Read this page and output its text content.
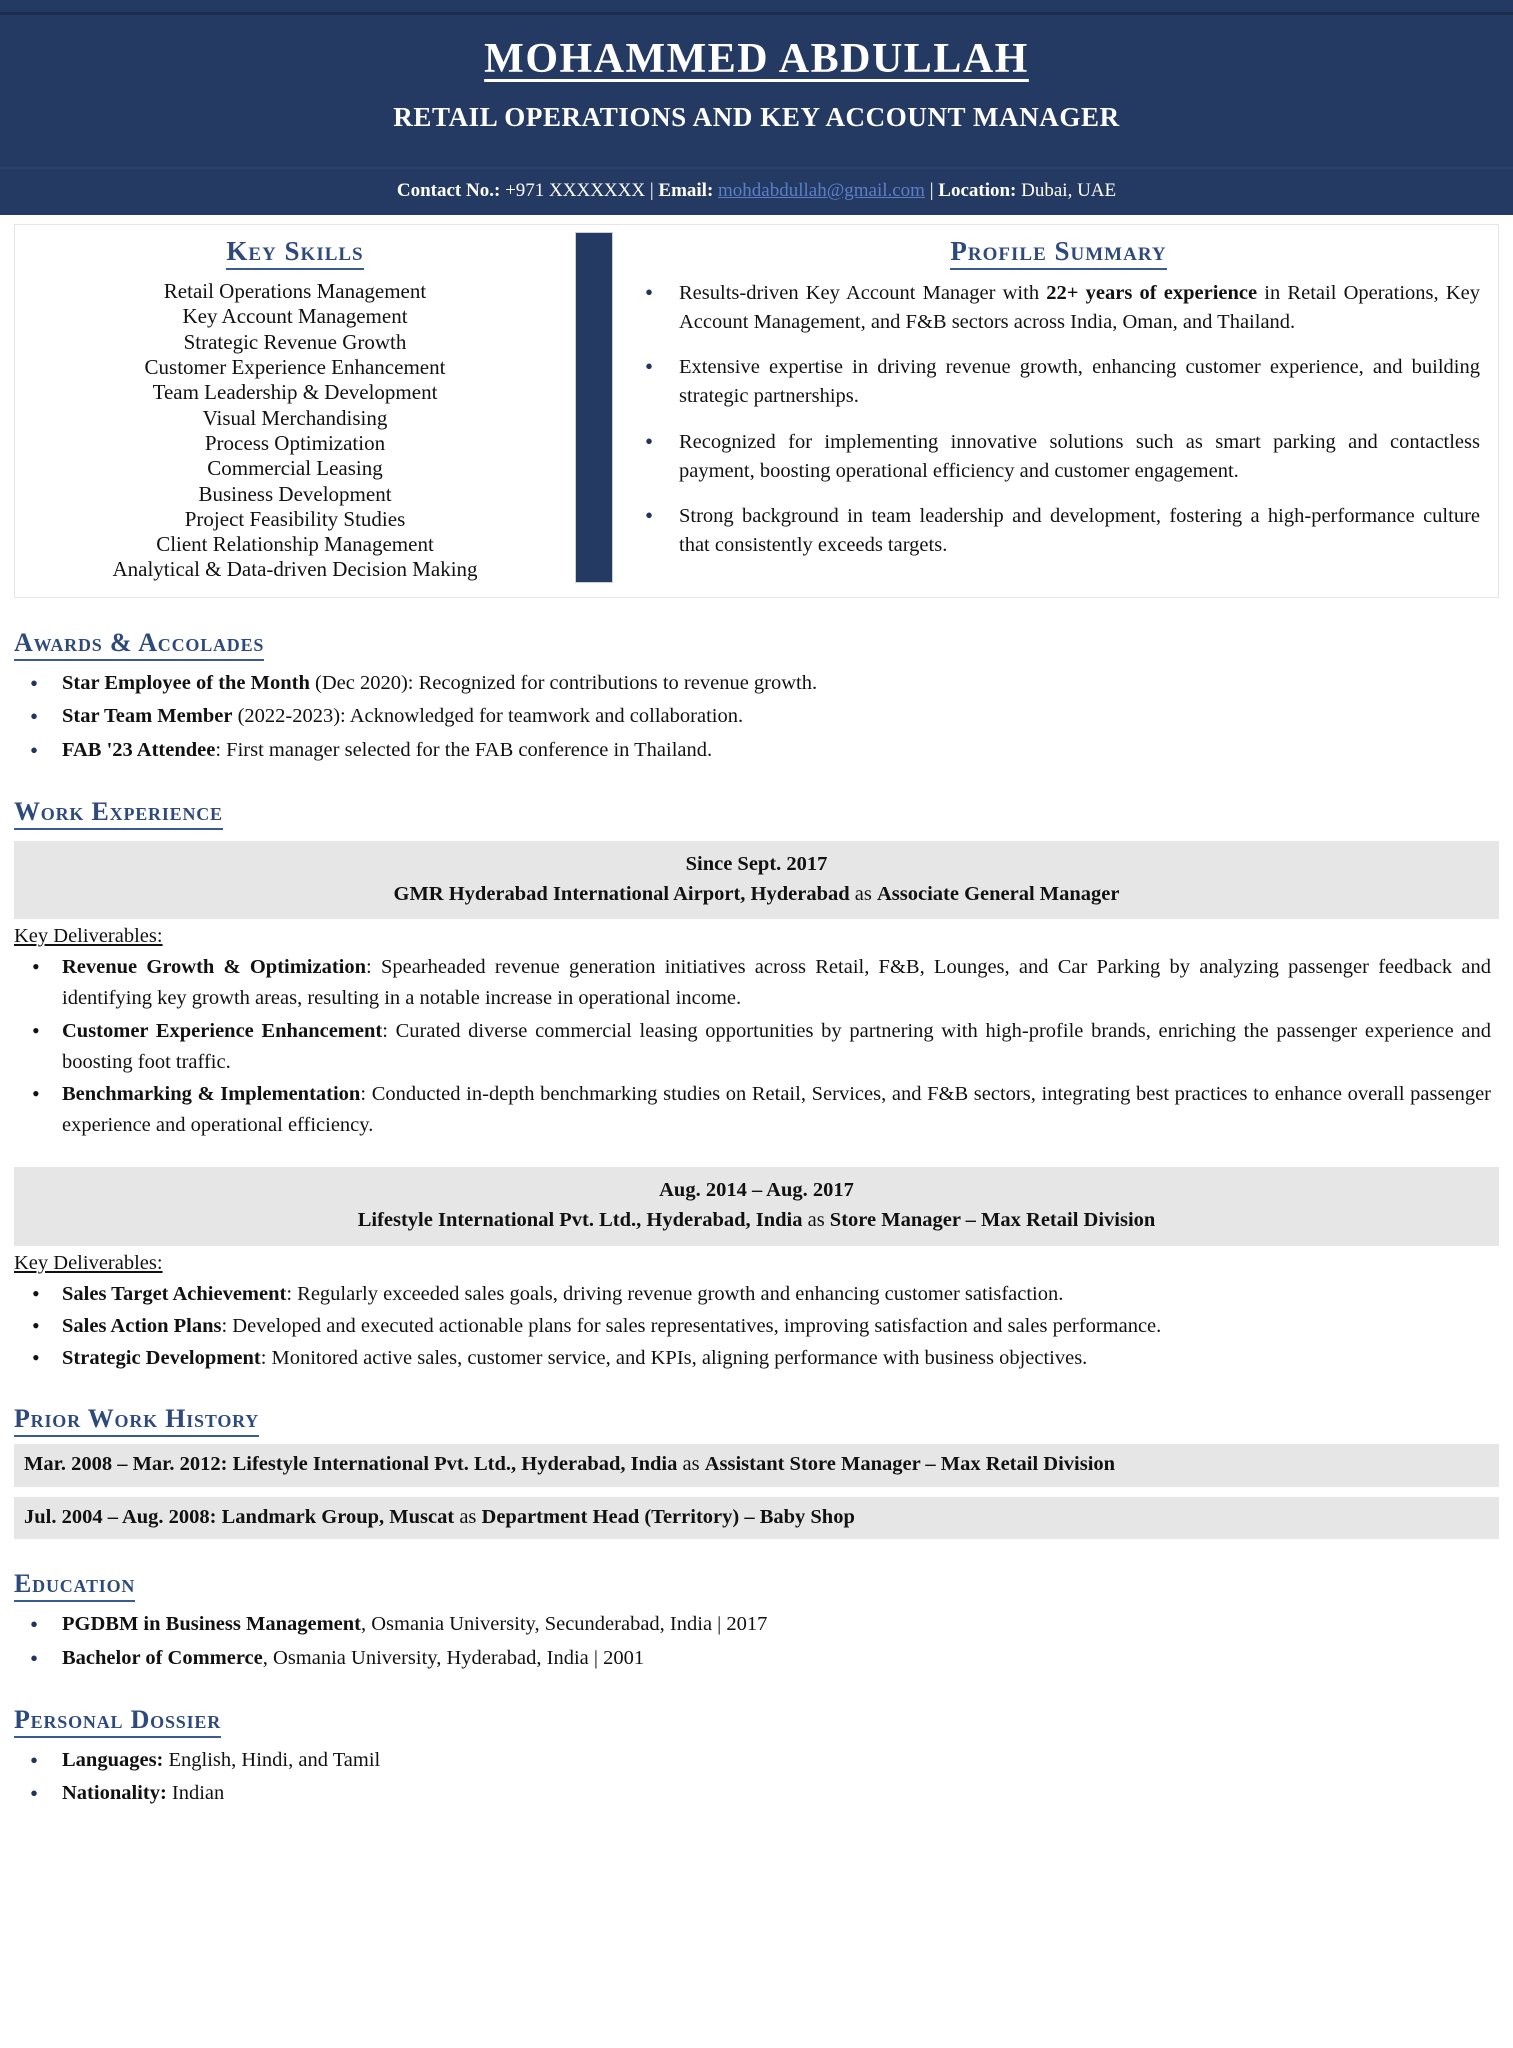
MOHAMMED ABDULLAH
RETAIL OPERATIONS AND KEY ACCOUNT MANAGER
Contact No.: +971 XXXXXXX | Email: mohdabdullah@gmail.com | Location: Dubai, UAE
Key Skills
Retail Operations Management
Key Account Management
Strategic Revenue Growth
Customer Experience Enhancement
Team Leadership & Development
Visual Merchandising
Process Optimization
Commercial Leasing
Business Development
Project Feasibility Studies
Client Relationship Management
Analytical & Data-driven Decision Making
Profile Summary
• Results-driven Key Account Manager with 22+ years of experience in Retail Operations, Key Account Management, and F&B sectors across India, Oman, and Thailand.
• Extensive expertise in driving revenue growth, enhancing customer experience, and building strategic partnerships.
• Recognized for implementing innovative solutions such as smart parking and contactless payment, boosting operational efficiency and customer engagement.
• Strong background in team leadership and development, fostering a high-performance culture that consistently exceeds targets.
Awards & Accolades
• Star Employee of the Month (Dec 2020): Recognized for contributions to revenue growth.
• Star Team Member (2022-2023): Acknowledged for teamwork and collaboration.
• FAB '23 Attendee: First manager selected for the FAB conference in Thailand.
Work Experience
Since Sept. 2017
GMR Hyderabad International Airport, Hyderabad as Associate General Manager
Key Deliverables:
• Revenue Growth & Optimization: Spearheaded revenue generation initiatives across Retail, F&B, Lounges, and Car Parking by analyzing passenger feedback and identifying key growth areas, resulting in a notable increase in operational income.
• Customer Experience Enhancement: Curated diverse commercial leasing opportunities by partnering with high-profile brands, enriching the passenger experience and boosting foot traffic.
• Benchmarking & Implementation: Conducted in-depth benchmarking studies on Retail, Services, and F&B sectors, integrating best practices to enhance overall passenger experience and operational efficiency.
Aug. 2014 – Aug. 2017
Lifestyle International Pvt. Ltd., Hyderabad, India as Store Manager – Max Retail Division
Key Deliverables:
• Sales Target Achievement: Regularly exceeded sales goals, driving revenue growth and enhancing customer satisfaction.
• Sales Action Plans: Developed and executed actionable plans for sales representatives, improving satisfaction and sales performance.
• Strategic Development: Monitored active sales, customer service, and KPIs, aligning performance with business objectives.
Prior Work History
Mar. 2008 – Mar. 2012: Lifestyle International Pvt. Ltd., Hyderabad, India as Assistant Store Manager – Max Retail Division
Jul. 2004 – Aug. 2008: Landmark Group, Muscat as Department Head (Territory) – Baby Shop
Education
• PGDBM in Business Management, Osmania University, Secunderabad, India | 2017
• Bachelor of Commerce, Osmania University, Hyderabad, India | 2001
Personal Dossier
• Languages: English, Hindi, and Tamil
• Nationality: Indian
